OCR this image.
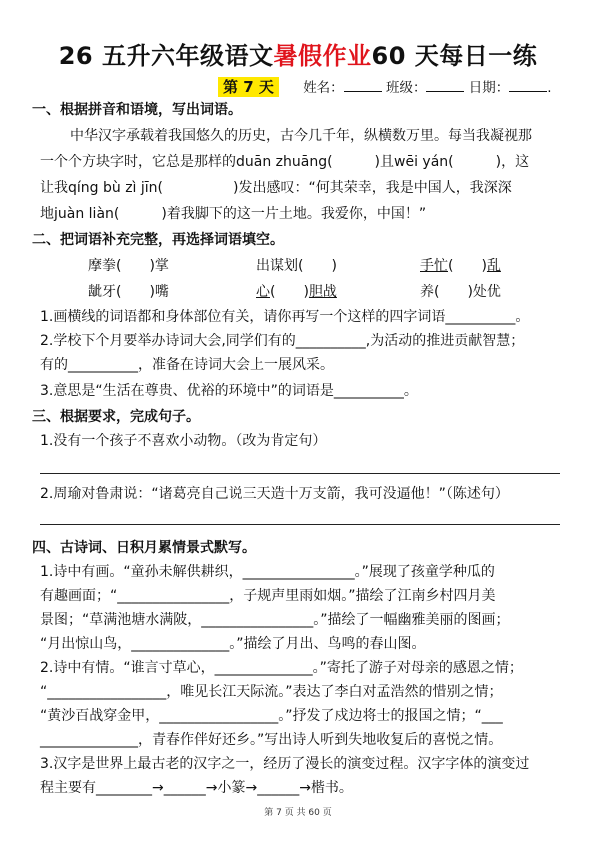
26 五升六年级语文暑假作业60 天每日一练
第 7 天 姓名：	班级：	日期：	.
一、根据拼音和语境，写出词语。
中华汉字承载着我国悠久的历史，古今几千年，纵横数万里。每当我凝视那
一个个方块字时，它总是那样的duān zhuāng(　　　)且wēi yán(　　　)，这
让我qíng bù zì jīn(　　　　　)发出感叹：“何其荣幸，我是中国人，我深深
地juàn liàn(　　　)着我脚下的这一片土地。我爱你，中国！”
二、把词语补充完整，再选择词语填空。
摩拳(　　)掌	出谋划(　　)	手忙(　　)乱
龇牙(　　)嘴	心(　　)胆战	养(　　)处优
1.画横线的词语都和身体部位有关，请你再写一个这样的四字词语__________。
2.学校下个月要举办诗词大会,同学们有的__________,为活动的推进贡献智慧；
有的__________，准备在诗词大会上一展风采。
3.意思是“生活在尊贵、优裕的环境中”的词语是__________。
三、根据要求，完成句子。
1.没有一个孩子不喜欢小动物。（改为肯定句）
2.周瑜对鲁肃说：“诸葛亮自己说三天造十万支箭，我可没逼他！”（陈述句）
四、古诗词、日积月累情景式默写。
1.诗中有画。“童孙未解供耕织，________________。”展现了孩童学种瓜的
有趣画面；“________________，子规声里雨如烟。”描绘了江南乡村四月美
景图；“草满池塘水满陂，________________。”描绘了一幅幽雅美丽的图画；
“月出惊山鸟，______________。”描绘了月出、鸟鸣的春山图。
2.诗中有情。“谁言寸草心，______________。”寄托了游子对母亲的感恩之情；
“_________________，唯见长江天际流。”表达了李白对孟浩然的惜别之情；
“黄沙百战穿金甲，_________________。”抒发了戍边将士的报国之情；“___
______________，青春作伴好还乡。”写出诗人听到失地收复后的喜悦之情。
3.汉字是世界上最古老的汉字之一，经历了漫长的演变过程。汉字字体的演变过
程主要有________→______→小篆→______→楷书。
第 7 页 共 60 页
